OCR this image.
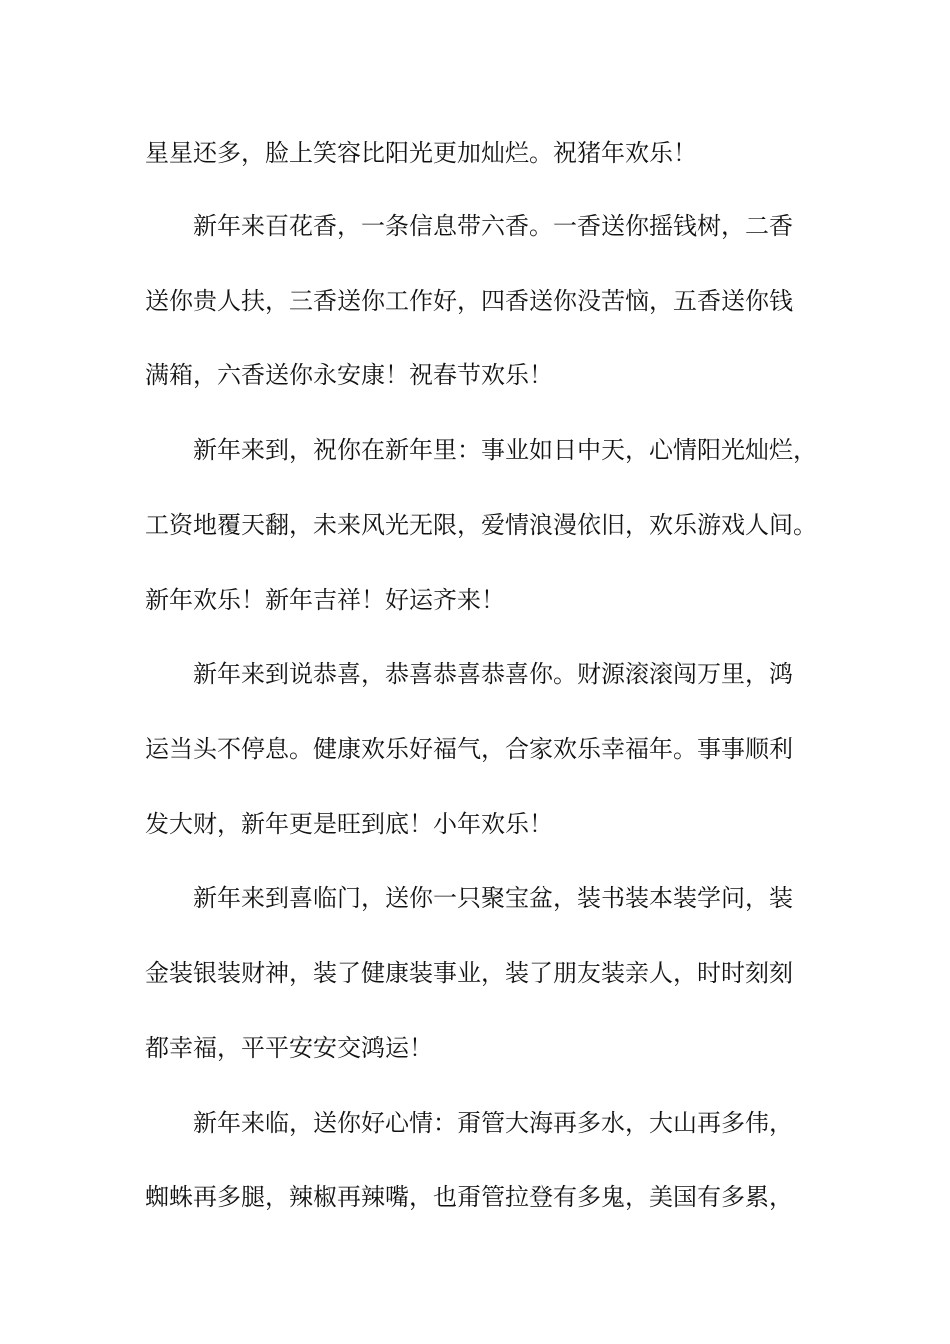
星星还多，脸上笑容比阳光更加灿烂。祝猪年欢乐！
新年来百花香，一条信息带六香。一香送你摇钱树，二香
送你贵人扶，三香送你工作好，四香送你没苦恼，五香送你钱
满箱，六香送你永安康！祝春节欢乐！
新年来到，祝你在新年里：事业如日中天，心情阳光灿烂，
工资地覆天翻，未来风光无限，爱情浪漫依旧，欢乐游戏人间。
新年欢乐！新年吉祥！好运齐来！
新年来到说恭喜，恭喜恭喜恭喜你。财源滚滚闯万里，鸿
运当头不停息。健康欢乐好福气，合家欢乐幸福年。事事顺利
发大财，新年更是旺到底！小年欢乐！
新年来到喜临门，送你一只聚宝盆，装书装本装学问，装
金装银装财神，装了健康装事业，装了朋友装亲人，时时刻刻
都幸福，平平安安交鸿运！
新年来临，送你好心情：甭管大海再多水，大山再多伟，
蜘蛛再多腿，辣椒再辣嘴，也甭管拉登有多鬼，美国有多累，
